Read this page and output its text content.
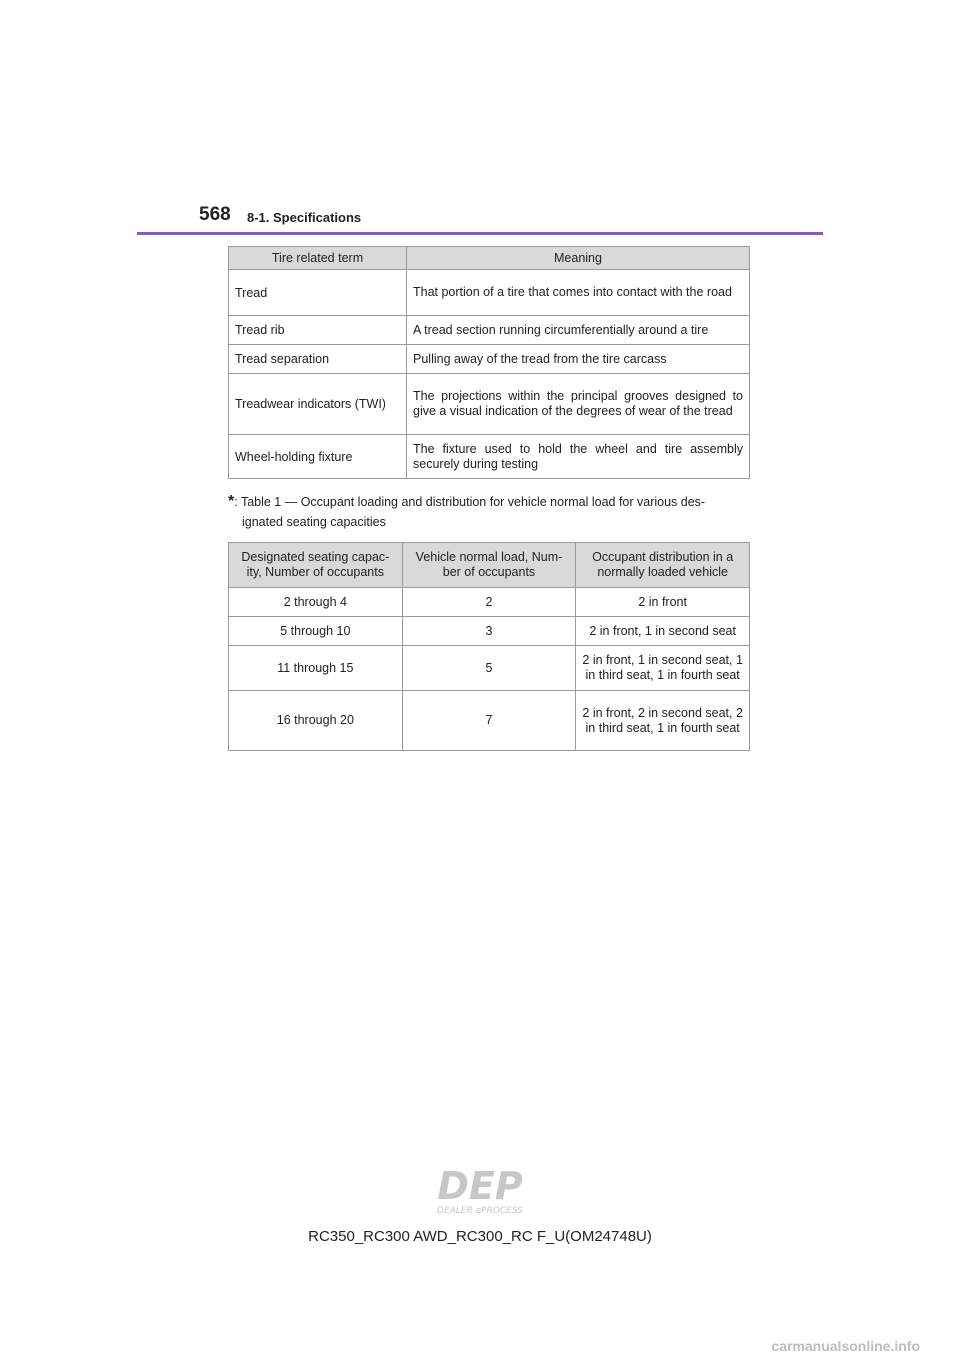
568 8-1. Specifications
Tire related term	Meaning
Tread	That portion of a tire that comes into contact with the road
Tread rib	A tread section running circumferentially around a tire
Tread separation	Pulling away of the tread from the tire carcass
Treadwear indicators (TWI)	The projections within the principal grooves designed to give a visual indication of the degrees of wear of the tread
Wheel-holding fixture	The fixture used to hold the wheel and tire assembly securely during testing
*: Table 1 — Occupant loading and distribution for vehicle normal load for various des-
ignated seating capacities
Designated seating capac- ity, Number of occupants	Vehicle normal load, Num- ber of occupants	Occupant distribution in a normally loaded vehicle
2 through 4	2	2 in front
5 through 10	3	2 in front, 1 in second seat
11 through 15	5	2 in front, 1 in second seat, 1 in third seat, 1 in fourth seat
16 through 20	7	2 in front, 2 in second seat, 2 in third seat, 1 in fourth seat
DEP
DEALER ePROCESS
RC350_RC300 AWD_RC300_RC F_U(OM24748U)
carmanualsonline.info
